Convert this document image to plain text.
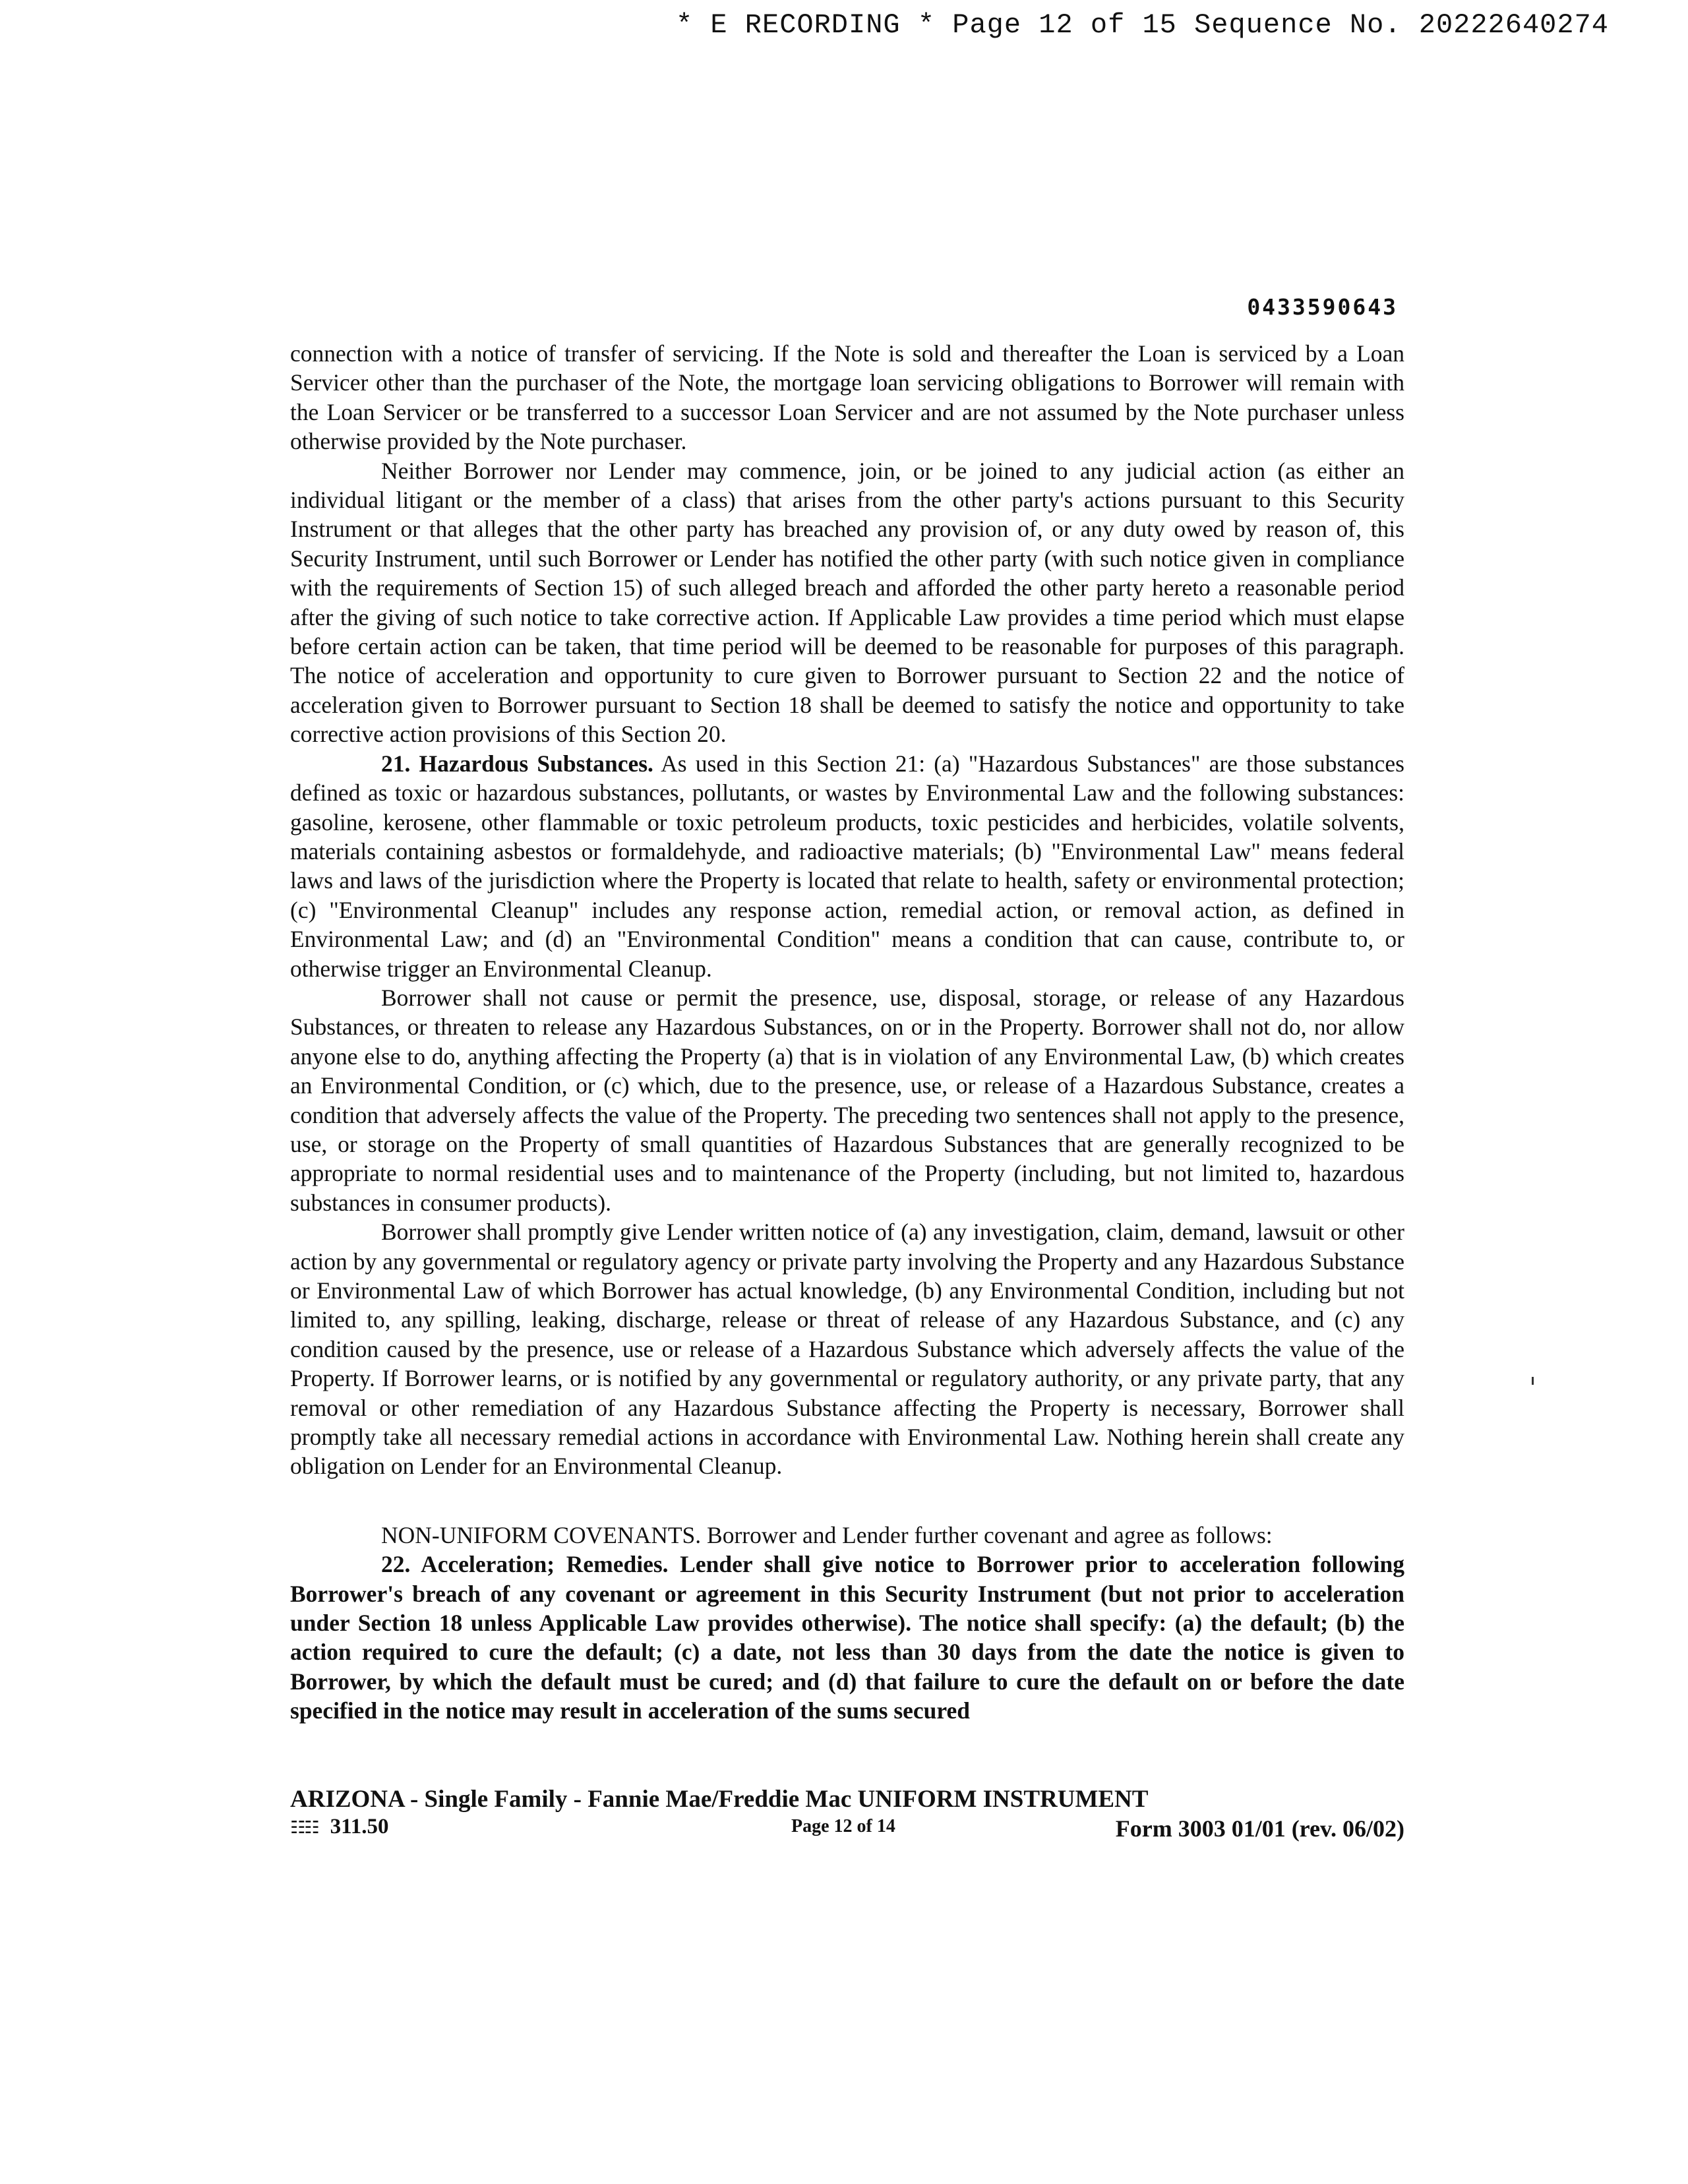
* E RECORDING * Page 12 of 15 Sequence No. 20222640274
0433590643

connection with a notice of transfer of servicing. If the Note is sold and thereafter the Loan is serviced by a Loan Servicer other than the purchaser of the Note, the mortgage loan servicing obligations to Borrower will remain with the Loan Servicer or be transferred to a successor Loan Servicer and are not assumed by the Note purchaser unless otherwise provided by the Note purchaser.

Neither Borrower nor Lender may commence, join, or be joined to any judicial action (as either an individual litigant or the member of a class) that arises from the other party's actions pursuant to this Security Instrument or that alleges that the other party has breached any provision of, or any duty owed by reason of, this Security Instrument, until such Borrower or Lender has notified the other party (with such notice given in compliance with the requirements of Section 15) of such alleged breach and afforded the other party hereto a reasonable period after the giving of such notice to take corrective action. If Applicable Law provides a time period which must elapse before certain action can be taken, that time period will be deemed to be reasonable for purposes of this paragraph. The notice of acceleration and opportunity to cure given to Borrower pursuant to Section 22 and the notice of acceleration given to Borrower pursuant to Section 18 shall be deemed to satisfy the notice and opportunity to take corrective action provisions of this Section 20.

21. Hazardous Substances. As used in this Section 21: (a) "Hazardous Substances" are those substances defined as toxic or hazardous substances, pollutants, or wastes by Environmental Law and the following substances: gasoline, kerosene, other flammable or toxic petroleum products, toxic pesticides and herbicides, volatile solvents, materials containing asbestos or formaldehyde, and radioactive materials; (b) "Environmental Law" means federal laws and laws of the jurisdiction where the Property is located that relate to health, safety or environmental protection; (c) "Environmental Cleanup" includes any response action, remedial action, or removal action, as defined in Environmental Law; and (d) an "Environmental Condition" means a condition that can cause, contribute to, or otherwise trigger an Environmental Cleanup.

Borrower shall not cause or permit the presence, use, disposal, storage, or release of any Hazardous Substances, or threaten to release any Hazardous Substances, on or in the Property. Borrower shall not do, nor allow anyone else to do, anything affecting the Property (a) that is in violation of any Environmental Law, (b) which creates an Environmental Condition, or (c) which, due to the presence, use, or release of a Hazardous Substance, creates a condition that adversely affects the value of the Property. The preceding two sentences shall not apply to the presence, use, or storage on the Property of small quantities of Hazardous Substances that are generally recognized to be appropriate to normal residential uses and to maintenance of the Property (including, but not limited to, hazardous substances in consumer products).

Borrower shall promptly give Lender written notice of (a) any investigation, claim, demand, lawsuit or other action by any governmental or regulatory agency or private party involving the Property and any Hazardous Substance or Environmental Law of which Borrower has actual knowledge, (b) any Environmental Condition, including but not limited to, any spilling, leaking, discharge, release or threat of release of any Hazardous Substance, and (c) any condition caused by the presence, use or release of a Hazardous Substance which adversely affects the value of the Property. If Borrower learns, or is notified by any governmental or regulatory authority, or any private party, that any removal or other remediation of any Hazardous Substance affecting the Property is necessary, Borrower shall promptly take all necessary remedial actions in accordance with Environmental Law. Nothing herein shall create any obligation on Lender for an Environmental Cleanup.

NON-UNIFORM COVENANTS. Borrower and Lender further covenant and agree as follows:

22. Acceleration; Remedies. Lender shall give notice to Borrower prior to acceleration following Borrower's breach of any covenant or agreement in this Security Instrument (but not prior to acceleration under Section 18 unless Applicable Law provides otherwise). The notice shall specify: (a) the default; (b) the action required to cure the default; (c) a date, not less than 30 days from the date the notice is given to Borrower, by which the default must be cured; and (d) that failure to cure the default on or before the date specified in the notice may result in acceleration of the sums secured

ARIZONA - Single Family - Fannie Mae/Freddie Mac UNIFORM INSTRUMENT
☷☷ 311.50	Page 12 of 14	Form 3003 01/01 (rev. 06/02)
